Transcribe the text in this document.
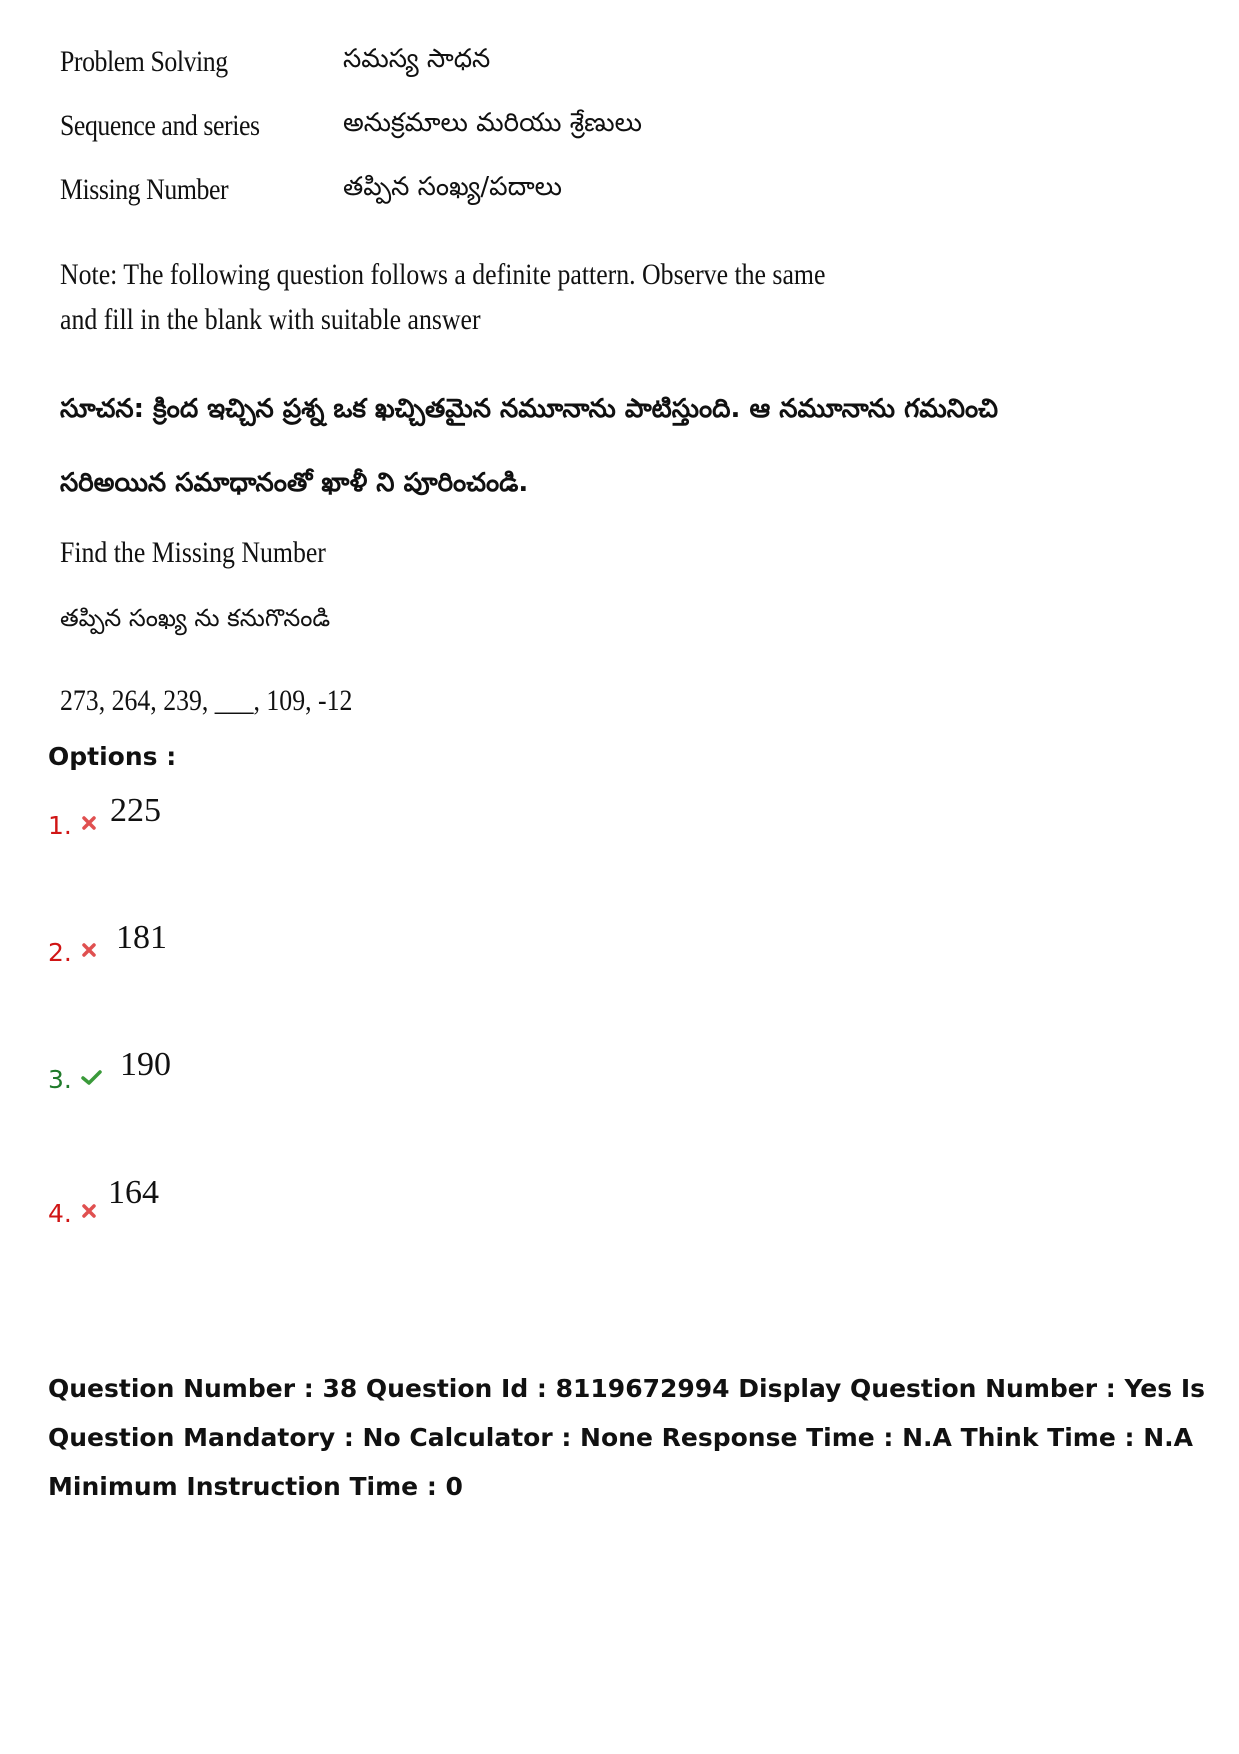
Problem Solving	సమస్య సాధన
Sequence and series	అనుక్రమాలు మరియు శ్రేణులు
Missing Number	తప్పిన సంఖ్య/పదాలు
Note: The following question follows a definite pattern. Observe the same and fill in the blank with suitable answer
సూచన: క్రింద ఇచ్చిన ప్రశ్న ఒక ఖచ్చితమైన నమూనాను పాటిస్తుంది. ఆ నమూనాను గమనించి సరిఅయిన సమాధానంతో ఖాళీ ని పూరించండి.
Find the Missing Number
తప్పిన సంఖ్య ను కనుగొనండి
273, 264, 239, ___, 109, -12
Options :
1. 225
2. 181
3. 190
4.
164
Question Number : 38 Question Id : 8119672994 Display Question Number : Yes Is Question Mandatory : No Calculator : None Response Time : N.A Think Time : N.A Minimum Instruction Time : 0
